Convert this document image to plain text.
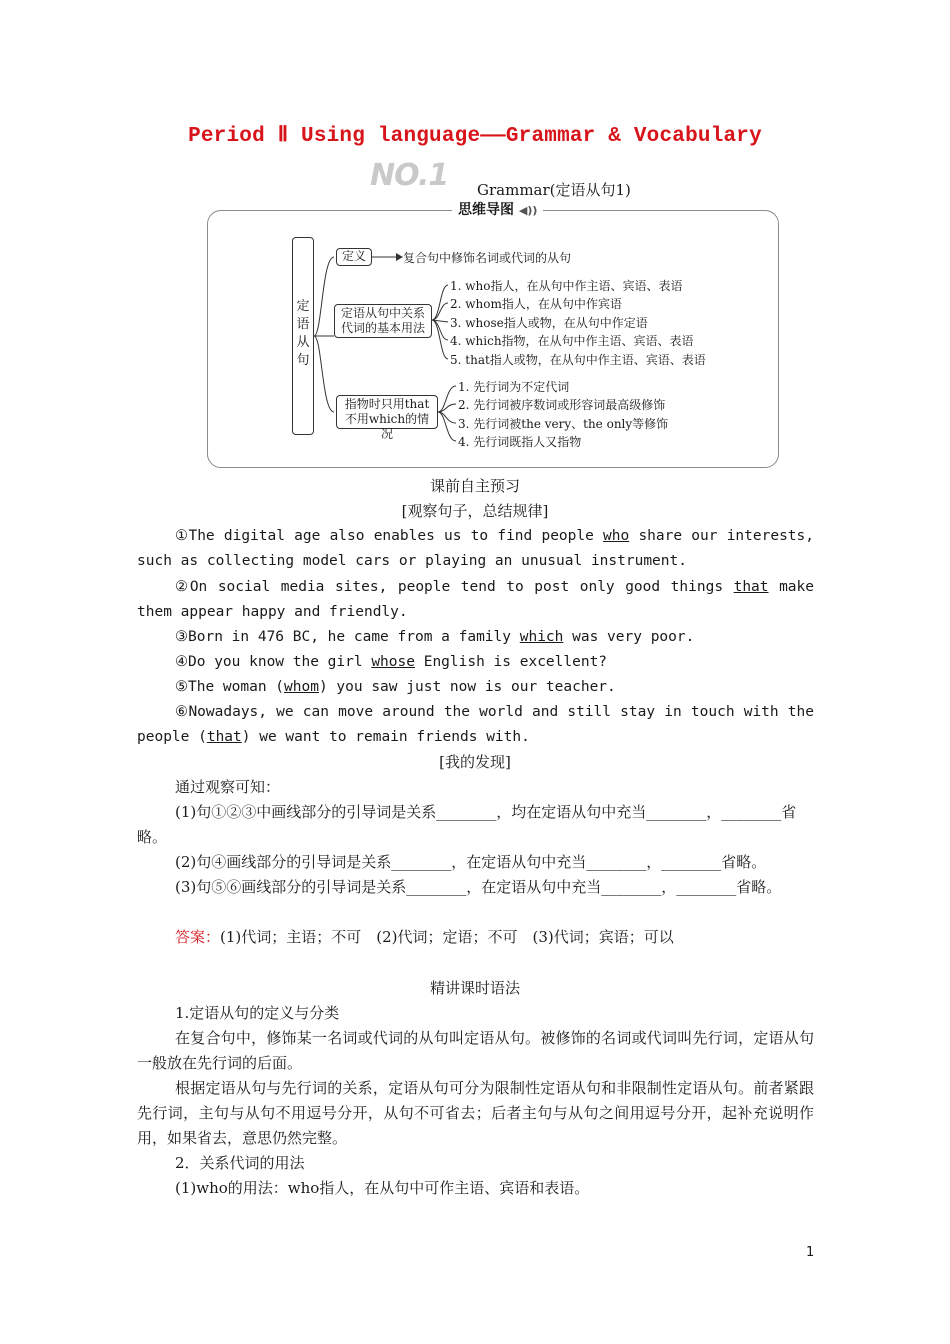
Period Ⅱ Using language——Grammar & Vocabulary
NO.1 Grammar(定语从句1)
思维导图 ◀))
定语从句
定义	复合句中修饰名词或代词的从句
定语从句中关系代词的基本用法
1. who指人，在从句中作主语、宾语、表语
2. whom指人，在从句中作宾语
3. whose指人或物，在从句中作定语
4. which指物，在从句中作主语、宾语、表语
5. that指人或物，在从句中作主语、宾语、表语
指物时只用that不用which的情况
1. 先行词为不定代词
2. 先行词被序数词或形容词最高级修饰
3. 先行词被the very、the only等修饰
4. 先行词既指人又指物
课前自主预习
[观察句子，总结规律]
①The digital age also enables us to find people who share our interests, such as collecting model cars or playing an unusual instrument.
②On social media sites, people tend to post only good things that make them appear happy and friendly.
③Born in 476 BC, he came from a family which was very poor.
④Do you know the girl whose English is excellent?
⑤The woman (whom) you saw just now is our teacher.
⑥Nowadays, we can move around the world and still stay in touch with the people (that) we want to remain friends with.
[我的发现]
通过观察可知：
(1)句①②③中画线部分的引导词是关系________，均在定语从句中充当________，________省略。
(2)句④画线部分的引导词是关系________，在定语从句中充当________，________省略。
(3)句⑤⑥画线部分的引导词是关系________，在定语从句中充当________，________省略。
答案：(1)代词；主语；不可　(2)代词；定语；不可　(3)代词；宾语；可以
精讲课时语法
1.定语从句的定义与分类
在复合句中，修饰某一名词或代词的从句叫定语从句。被修饰的名词或代词叫先行词，定语从句一般放在先行词的后面。
根据定语从句与先行词的关系，定语从句可分为限制性定语从句和非限制性定语从句。前者紧跟先行词，主句与从句不用逗号分开，从句不可省去；后者主句与从句之间用逗号分开，起补充说明作用，如果省去，意思仍然完整。
2．关系代词的用法
(1)who的用法：who指人，在从句中可作主语、宾语和表语。
1
